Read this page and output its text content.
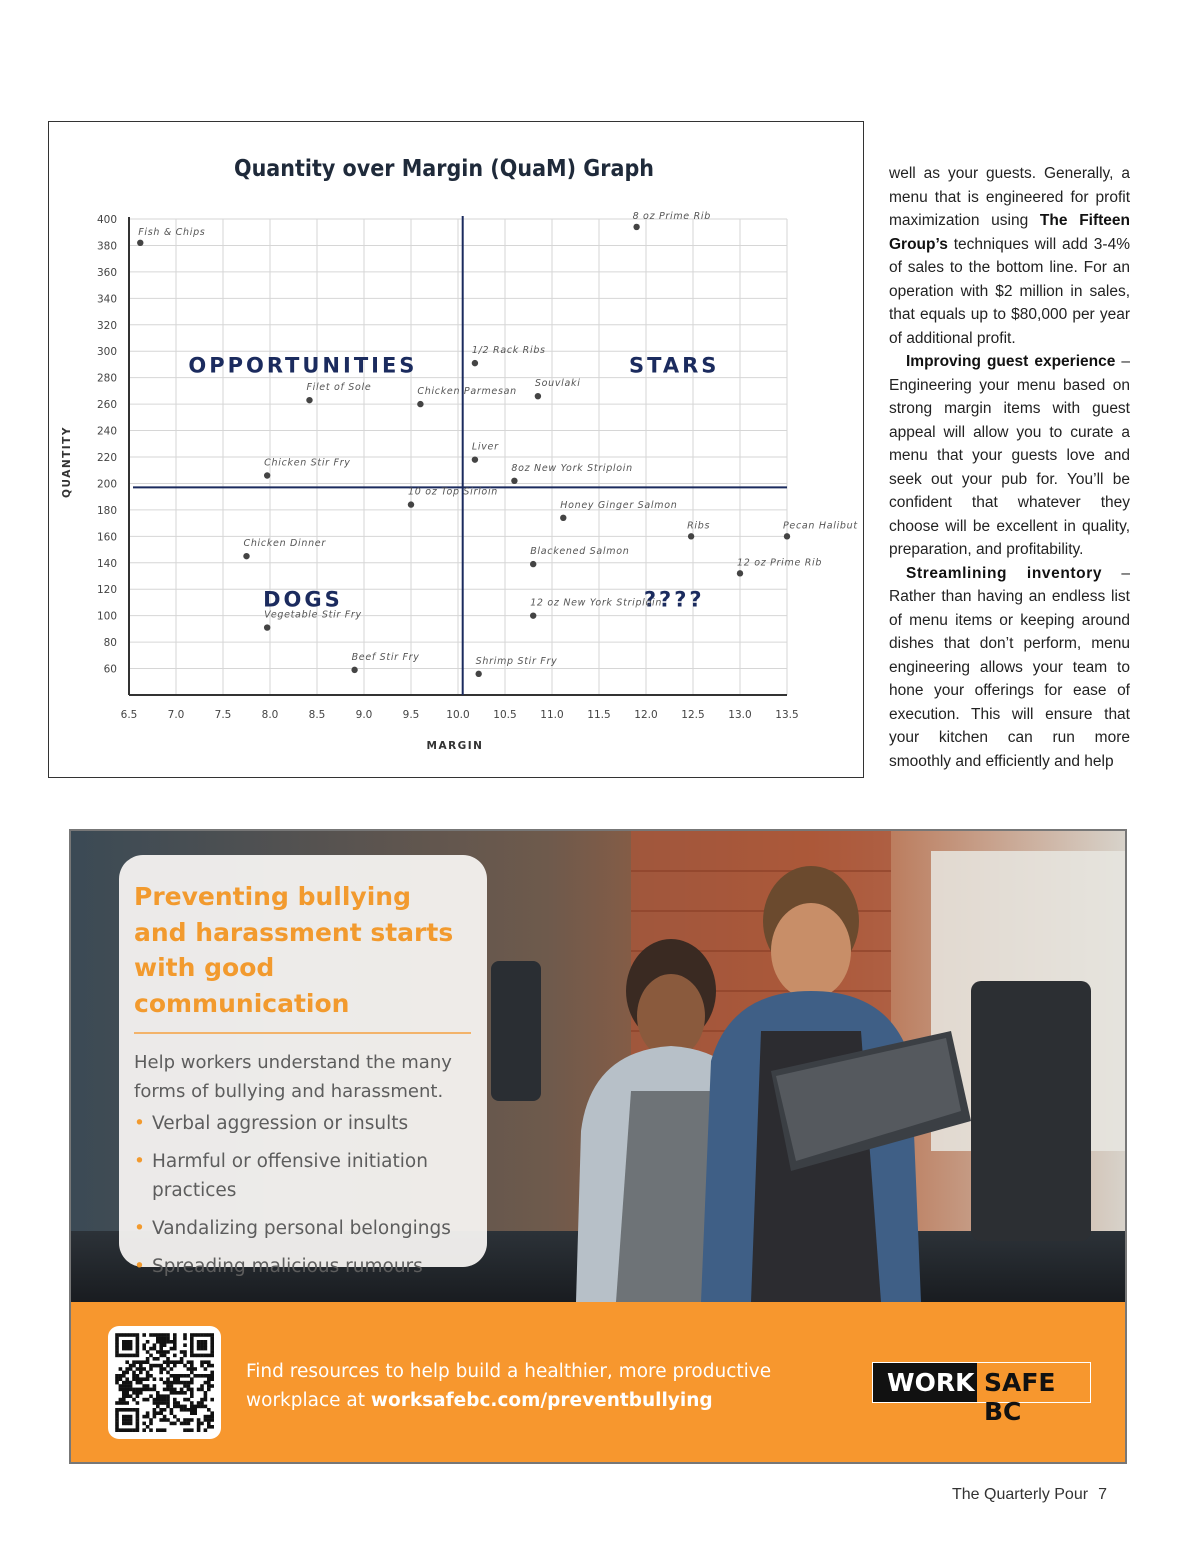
Quantity over Margin (QuaM) Graph
6.5	7.0	7.5	8.0	8.5	9.0	9.5	10.0 10.5 11.0 11.5 12.0 12.5 13.0 13.5
60
80
100
120
140
160
180
200
220
240
260
280
300
320
340
360
380
400
OPPORTUNITIES	STARS
DOGS	????
Fish & Chips
8 oz Prime Rib
1/2 Rack Ribs
Filet of Sole	Chicken Parmesan
Souvlaki
Liver
Chicken Stir Fry	8oz New York Striploin
10 oz Top Sirloin
Honey Ginger Salmon
Ribs	Pecan Halibut
Chicken Dinner
Blackened Salmon
12 oz Prime Rib
12 oz New York Striploin
Vegetable Stir Fry
Beef Stir Fry	Shrimp Stir Fry
MARGIN
QUANTITY

well as your guests. Generally, a menu that is engineered for profit maximization using The Fifteen Group’s techniques will add 3-4% of sales to the bottom line. For an operation with $2 million in sales, that equals up to $80,000 per year of additional profit.

Improving guest experience – Engineering your menu based on strong margin items with guest appeal will allow you to curate a menu that your guests love and seek out your pub for. You’ll be confident that whatever they choose will be excellent in quality, preparation, and profitability.

Streamlining inventory – Rather than having an endless list of menu items or keeping around dishes that don’t perform, menu engineering allows your team to hone your offerings for ease of execution. This will ensure that your kitchen can run more smoothly and efficiently and help

Preventing bullying and harassment starts with good communication

Help workers understand the many forms of bullying and harassment.

• Verbal aggression or insults
• Harmful or offensive initiation practices
• Vandalizing personal belongings
• Spreading malicious rumours
Find resources to help build a healthier, more productive workplace at worksafebc.com/preventbullying
WORK SAFE BC
The Quarterly Pour 7
